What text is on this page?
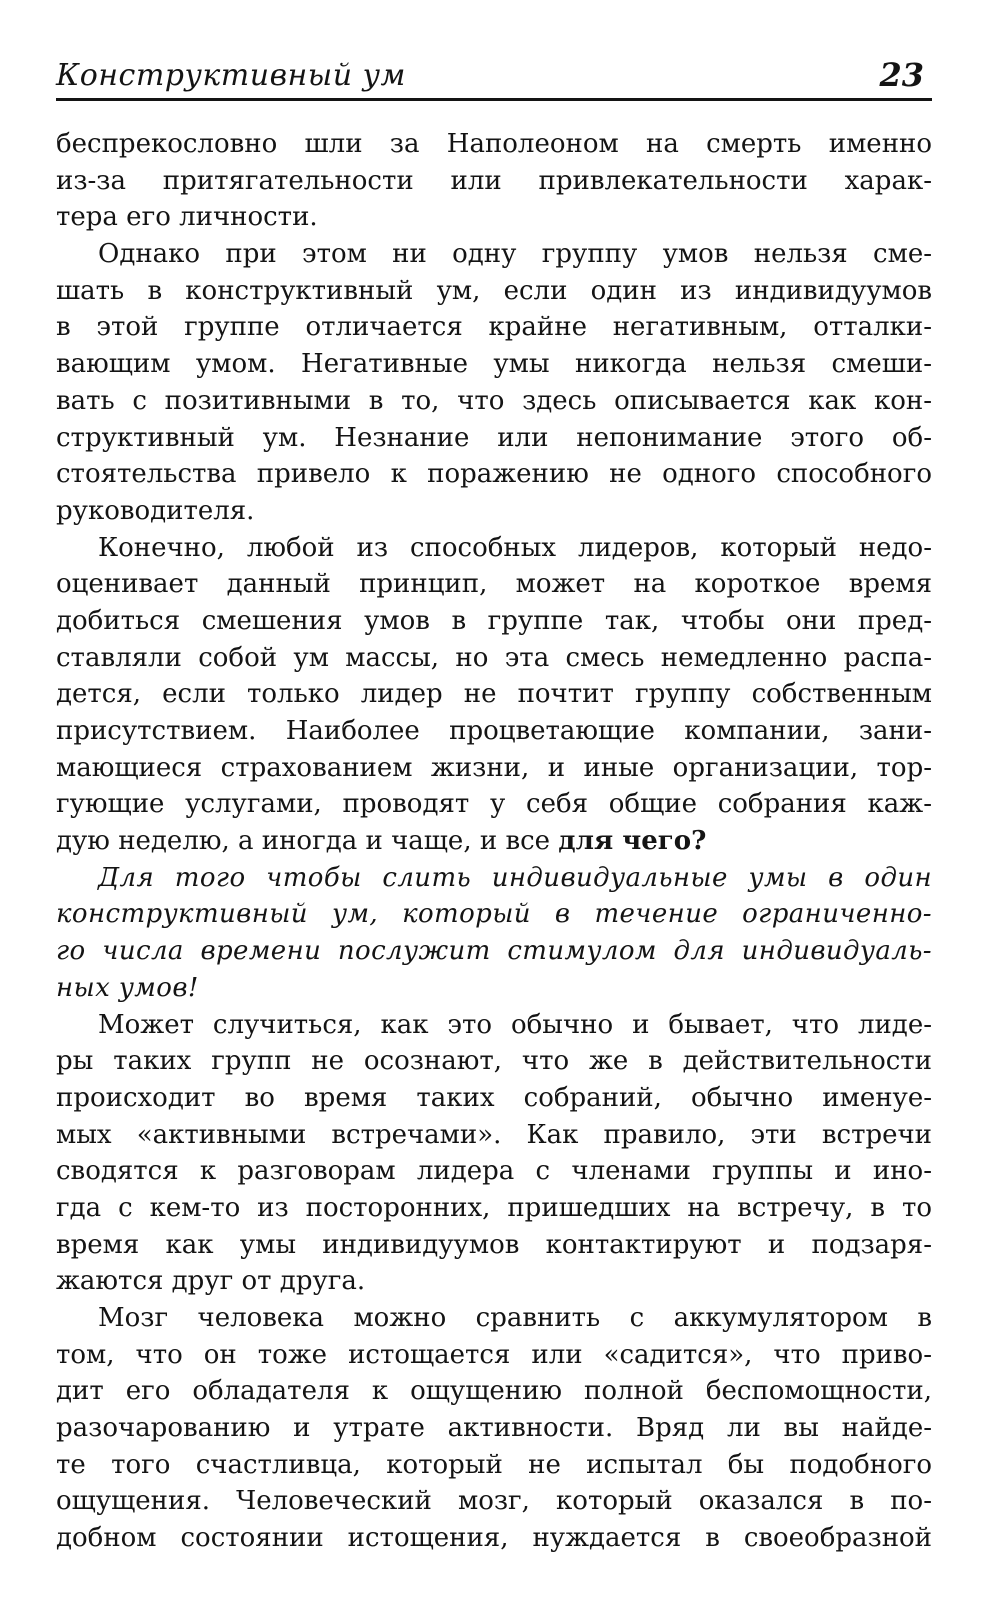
Конструктивный ум	23
беспрекословно шли за Наполеоном на смерть именно
из-за притягательности или привлекательности харак-
тера его личности.
Однако при этом ни одну группу умов нельзя сме-
шать в конструктивный ум, если один из индивидуумов
в этой группе отличается крайне негативным, отталки-
вающим умом. Негативные умы никогда нельзя смеши-
вать с позитивными в то, что здесь описывается как кон-
структивный ум. Незнание или непонимание этого об-
стоятельства привело к поражению не одного способного
руководителя.
Конечно, любой из способных лидеров, который недо-
оценивает данный принцип, может на короткое время
добиться смешения умов в группе так, чтобы они пред-
ставляли собой ум массы, но эта смесь немедленно распа-
дется, если только лидер не почтит группу собственным
присутствием. Наиболее процветающие компании, зани-
мающиеся страхованием жизни, и иные организации, тор-
гующие услугами, проводят у себя общие собрания каж-
дую неделю, а иногда и чаще, и все для чего?
Для того чтобы слить индивидуальные умы в один
конструктивный ум, который в течение ограниченно-
го числа времени послужит стимулом для индивидуаль-
ных умов!
Может случиться, как это обычно и бывает, что лиде-
ры таких групп не осознают, что же в действительности
происходит во время таких собраний, обычно именуе-
мых «активными встречами». Как правило, эти встречи
сводятся к разговорам лидера с членами группы и ино-
гда с кем-то из посторонних, пришедших на встречу, в то
время как умы индивидуумов контактируют и подзаря-
жаются друг от друга.
Мозг человека можно сравнить с аккумулятором в
том, что он тоже истощается или «садится», что приво-
дит его обладателя к ощущению полной беспомощности,
разочарованию и утрате активности. Вряд ли вы найде-
те того счастливца, который не испытал бы подобного
ощущения. Человеческий мозг, который оказался в по-
добном состоянии истощения, нуждается в своеобразной
